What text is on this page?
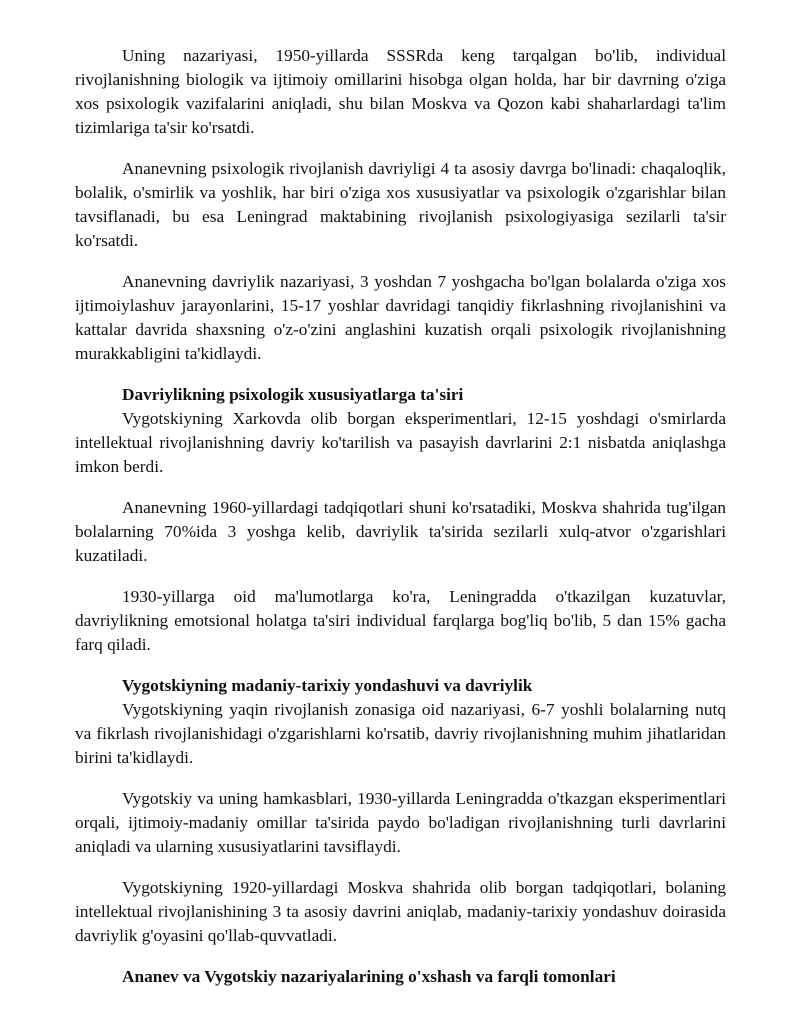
Uning nazariyasi, 1950-yillarda SSSRda keng tarqalgan bo'lib, individual rivojlanishning biologik va ijtimoiy omillarini hisobga olgan holda, har bir davrning o'ziga xos psixologik vazifalarini aniqladi, shu bilan Moskva va Qozon kabi shaharlardagi ta'lim tizimlariga ta'sir ko'rsatdi.

Ananevning psixologik rivojlanish davriyligi 4 ta asosiy davrga bo'linadi: chaqaloqlik, bolalik, o'smirlik va yoshlik, har biri o'ziga xos xususiyatlar va psixologik o'zgarishlar bilan tavsiflanadi, bu esa Leningrad maktabining rivojlanish psixologiyasiga sezilarli ta'sir ko'rsatdi.

Ananevning davriylik nazariyasi, 3 yoshdan 7 yoshgacha bo'lgan bolalarda o'ziga xos ijtimoiylashuv jarayonlarini, 15-17 yoshlar davridagi tanqidiy fikrlashning rivojlanishini va kattalar davrida shaxsning o'z-o'zini anglashini kuzatish orqali psixologik rivojlanishning murakkabligini ta'kidlaydi.

Davriylikning psixologik xususiyatlarga ta'siri

Vygotskiyning Xarkovda olib borgan eksperimentlari, 12-15 yoshdagi o'smirlarda intellektual rivojlanishning davriy ko'tarilish va pasayish davrlarini 2:1 nisbatda aniqlashga imkon berdi.

Ananevning 1960-yillardagi tadqiqotlari shuni ko'rsatadiki, Moskva shahrida tug'ilgan bolalarning 70%ida 3 yoshga kelib, davriylik ta'sirida sezilarli xulq-atvor o'zgarishlari kuzatiladi.

1930-yillarga oid ma'lumotlarga ko'ra, Leningradda o'tkazilgan kuzatuvlar, davriylikning emotsional holatga ta'siri individual farqlarga bog'liq bo'lib, 5 dan 15% gacha farq qiladi.

Vygotskiyning madaniy-tarixiy yondashuvi va davriylik

Vygotskiyning yaqin rivojlanish zonasiga oid nazariyasi, 6-7 yoshli bolalarning nutq va fikrlash rivojlanishidagi o'zgarishlarni ko'rsatib, davriy rivojlanishning muhim jihatlaridan birini ta'kidlaydi.

Vygotskiy va uning hamkasblari, 1930-yillarda Leningradda o'tkazgan eksperimentlari orqali, ijtimoiy-madaniy omillar ta'sirida paydo bo'ladigan rivojlanishning turli davrlarini aniqladi va ularning xususiyatlarini tavsiflaydi.

Vygotskiyning 1920-yillardagi Moskva shahrida olib borgan tadqiqotlari, bolaning intellektual rivojlanishining 3 ta asosiy davrini aniqlab, madaniy-tarixiy yondashuv doirasida davriylik g'oyasini qo'llab-quvvatladi.

Ananev va Vygotskiy nazariyalarining o'xshash va farqli tomonlari
